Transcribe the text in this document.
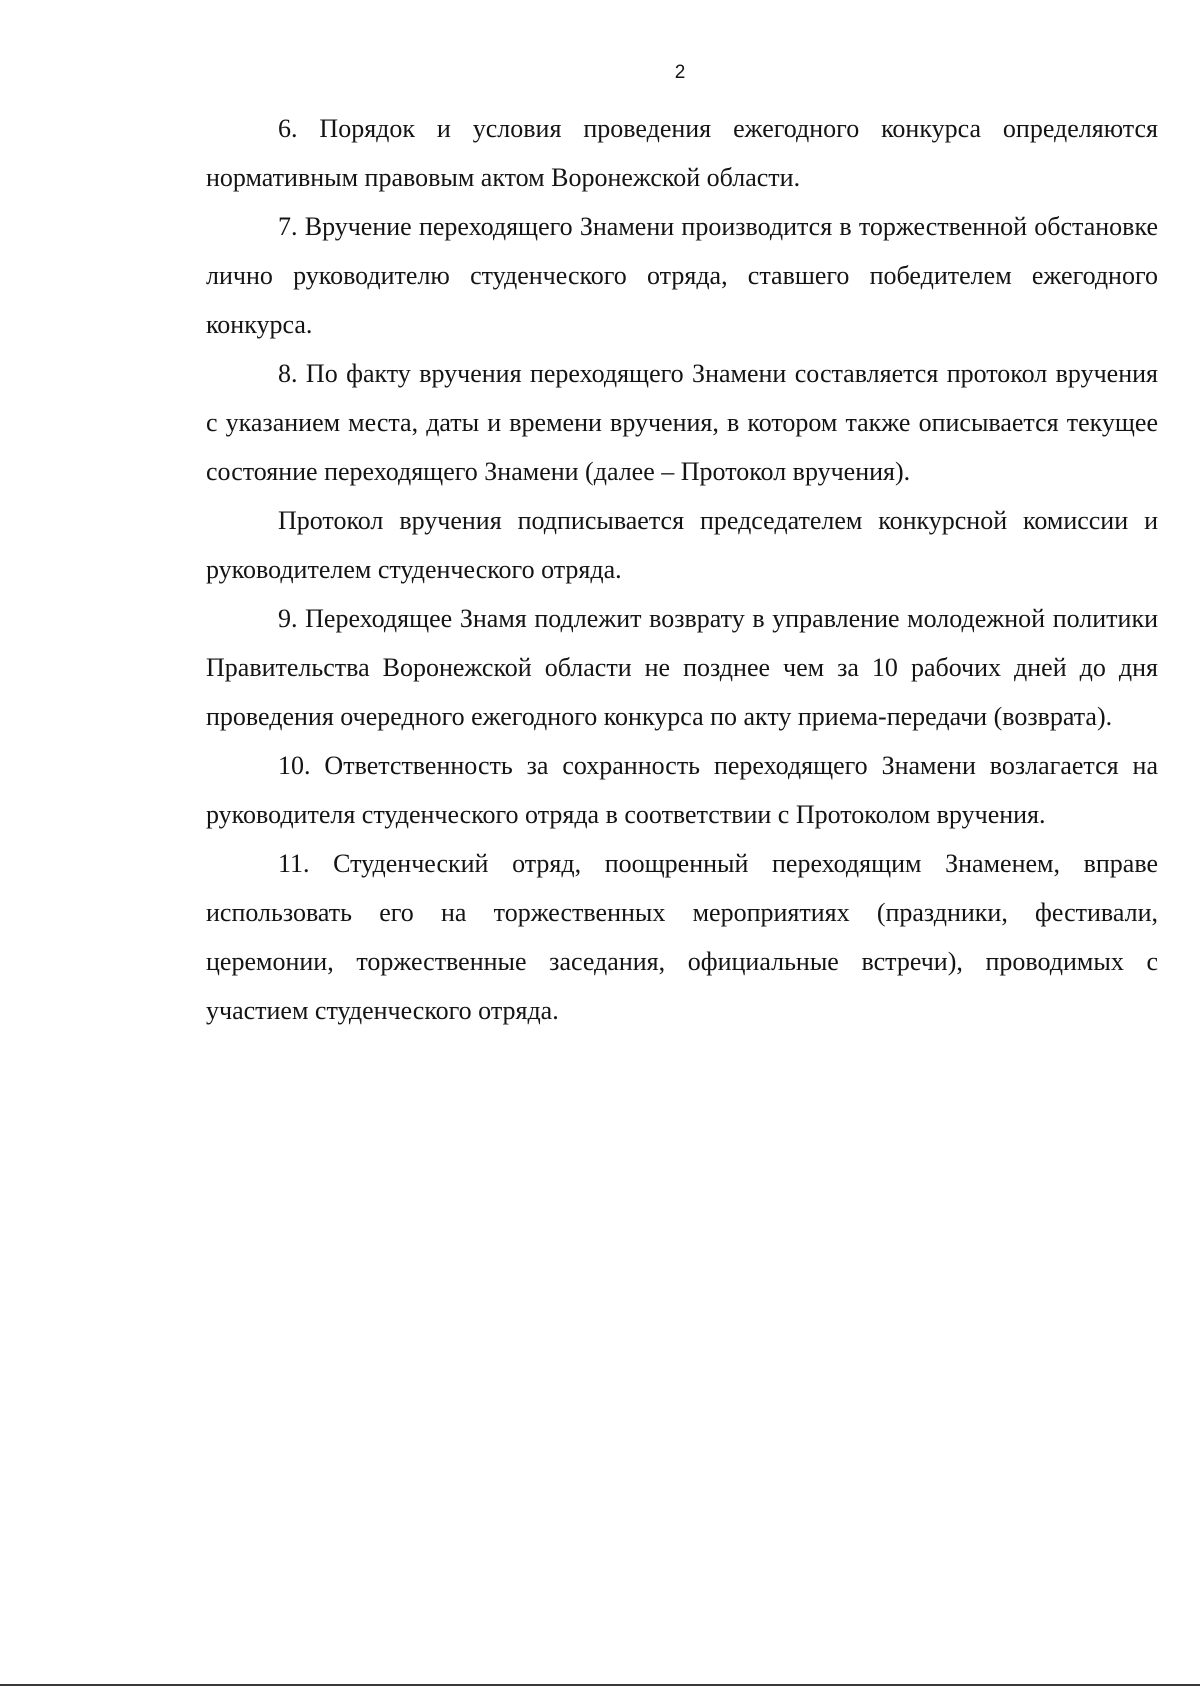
2

6. Порядок и условия проведения ежегодного конкурса определяются нормативным правовым актом Воронежской области.

7. Вручение переходящего Знамени производится в торжественной обстановке лично руководителю студенческого отряда, ставшего победителем ежегодного конкурса.

8. По факту вручения переходящего Знамени составляется протокол вручения с указанием места, даты и времени вручения, в котором также описывается текущее состояние переходящего Знамени (далее – Протокол вручения).

Протокол вручения подписывается председателем конкурсной комиссии и руководителем студенческого отряда.

9. Переходящее Знамя подлежит возврату в управление молодежной политики Правительства Воронежской области не позднее чем за 10 рабочих дней до дня проведения очередного ежегодного конкурса по акту приема-передачи (возврата).

10. Ответственность за сохранность переходящего Знамени возлагается на руководителя студенческого отряда в соответствии с Протоколом вручения.

11. Студенческий отряд, поощренный переходящим Знаменем, вправе использовать его на торжественных мероприятиях (праздники, фестивали, церемонии, торжественные заседания, официальные встречи), проводимых с участием студенческого отряда.
